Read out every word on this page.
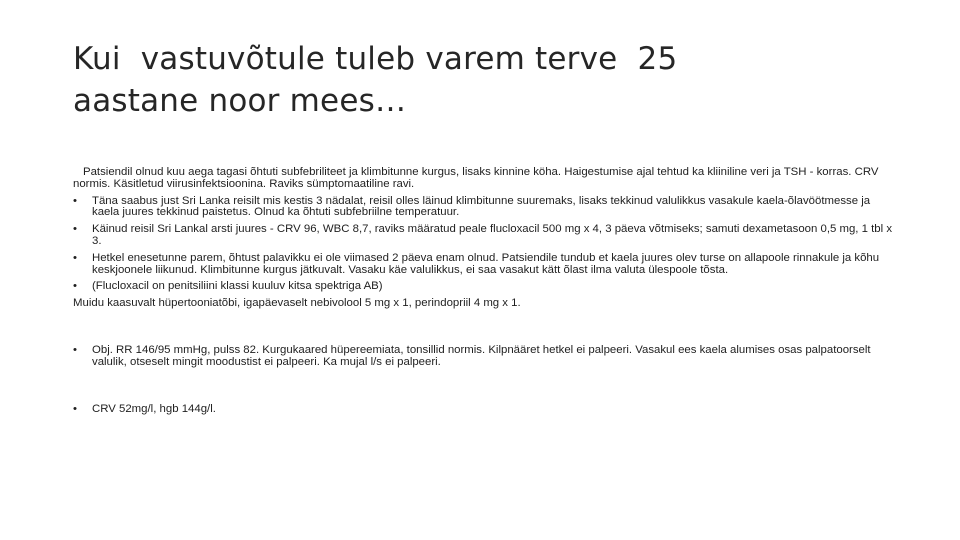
Kui  vastuvõtule tuleb varem terve  25
aastane noor mees…

Patsiendil olnud kuu aega tagasi õhtuti subfebriliteet ja klimbitunne kurgus, lisaks kinnine köha. Haigestumise ajal tehtud ka kliiniline veri ja TSH - korras. CRV normis. Käsitletud viirusinfektsioonina. Raviks sümptomaatiline ravi.

• Täna saabus just Sri Lanka reisilt mis kestis 3 nädalat, reisil olles läinud klimbitunne suuremaks, lisaks tekkinud valulikkus vasakule kaela-õlavöötmesse ja kaela juures tekkinud paistetus. Olnud ka õhtuti subfebriilne temperatuur.
• Käinud reisil Sri Lankal arsti juures - CRV 96, WBC 8,7, raviks määratud peale flucloxacil 500 mg x 4, 3 päeva võtmiseks; samuti dexametasoon 0,5 mg, 1 tbl x 3.
• Hetkel enesetunne parem, õhtust palavikku ei ole viimased 2 päeva enam olnud. Patsiendile tundub et kaela juures olev turse on allapoole rinnakule ja kõhu keskjoonele liikunud. Klimbitunne kurgus jätkuvalt. Vasaku käe valulikkus, ei saa vasakut kätt õlast ilma valuta ülespoole tõsta.
• (Flucloxacil on penitsiliini klassi kuuluv kitsa spektriga AB)

Muidu kaasuvalt hüpertooniatõbi, igapäevaselt nebivolool 5 mg x 1, perindopriil 4 mg x 1.

• Obj. RR 146/95 mmHg, pulss 82. Kurgukaared hüpereemiata, tonsillid normis. Kilpnääret hetkel ei palpeeri. Vasakul ees kaela alumises osas palpatoorselt valulik, otseselt mingit moodustist ei palpeeri. Ka mujal l/s ei palpeeri.
• CRV 52mg/l, hgb 144g/l.
